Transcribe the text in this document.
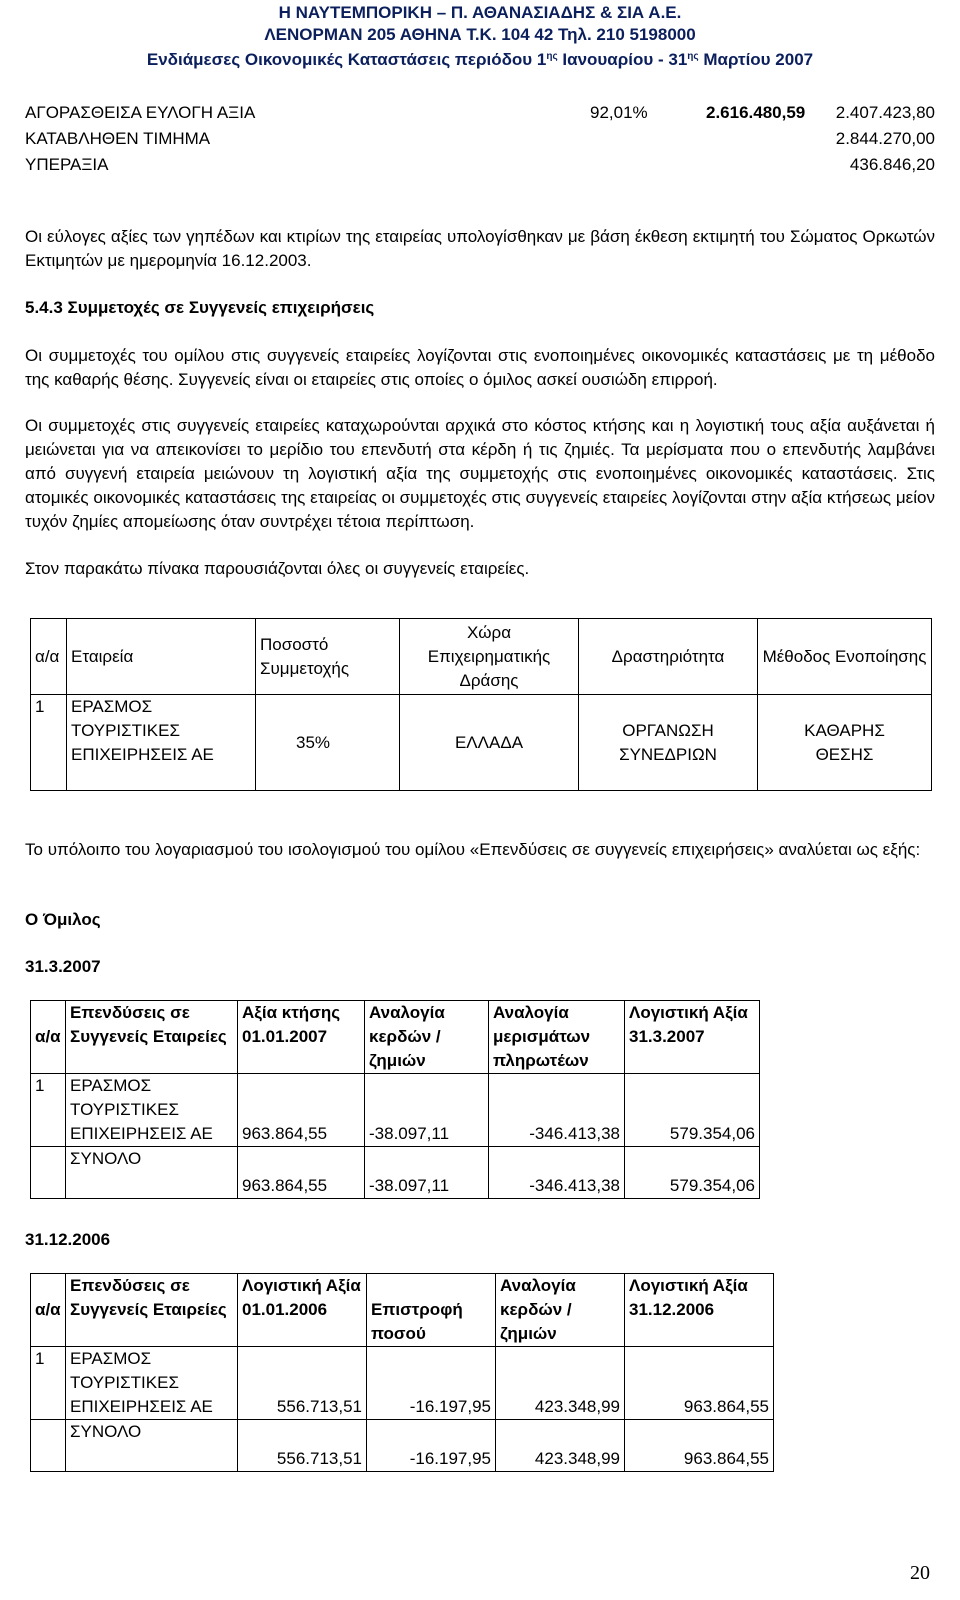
Η ΝΑΥΤΕΜΠΟΡΙΚΗ – Π. ΑΘΑΝΑΣΙΑΔΗΣ & ΣΙΑ Α.Ε.
ΛΕΝΟΡΜΑΝ 205 ΑΘΗΝΑ Τ.Κ. 104 42 Τηλ. 210 5198000
Ενδιάμεσες Οικονομικές Καταστάσεις περιόδου $1^{\eta\varsigma}$ Ιανουαρίου - $31^{\eta\varsigma}$ Μαρτίου 2007
ΑΓΟΡΑΣΘΕΙΣΑ ΕΥΛΟΓΗ ΑΞΙΑ	92,01%	2.616.480,59 2.407.423,80
ΚΑΤΑΒΛΗΘΕΝ ΤΙΜΗΜΑ	2.844.270,00
ΥΠΕΡΑΞΙΑ	436.846,20
Οι εύλογες αξίες των γηπέδων και κτιρίων της εταιρείας υπολογίσθηκαν με βάση έκθεση εκτιμητή του Σώματος Ορκωτών Εκτιμητών με ημερομηνία 16.12.2003.
5.4.3 Συμμετοχές σε Συγγενείς επιχειρήσεις
Οι συμμετοχές του ομίλου στις συγγενείς εταιρείες λογίζονται στις ενοποιημένες οικονομικές καταστάσεις με τη μέθοδο της καθαρής θέσης. Συγγενείς είναι οι εταιρείες στις οποίες ο όμιλος ασκεί ουσιώδη επιρροή.
Οι συμμετοχές στις συγγενείς εταιρείες καταχωρούνται αρχικά στο κόστος κτήσης και η λογιστική τους αξία αυξάνεται ή μειώνεται για να απεικονίσει το μερίδιο του επενδυτή στα κέρδη ή τις ζημιές. Τα μερίσματα που ο επενδυτής λαμβάνει από συγγενή εταιρεία μειώνουν τη λογιστική αξία της συμμετοχής στις ενοποιημένες οικονομικές καταστάσεις. Στις ατομικές οικονομικές καταστάσεις της εταιρείας οι συμμετοχές στις συγγενείς εταιρείες λογίζονται στην αξία κτήσεως μείον τυχόν ζημίες απομείωσης όταν συντρέχει τέτοια περίπτωση.
Στον παρακάτω πίνακα παρουσιάζονται όλες οι συγγενείς εταιρείες.
α/α	Εταιρεία	Ποσοστό Συμμετοχής	Χώρα Επιχειρηματικής Δράσης	Δραστηριότητα	Μέθοδος Ενοποίησης
1	ΕΡΑΣΜΟΣ ΤΟΥΡΙΣΤΙΚΕΣ ΕΠΙΧΕΙΡΗΣΕΙΣ ΑΕ	35%	ΕΛΛΑΔΑ	ΟΡΓΑΝΩΣΗ ΣΥΝΕΔΡΙΩΝ	ΚΑΘΑΡΗΣ ΘΕΣΗΣ
Το υπόλοιπο του λογαριασμού του ισολογισμού του ομίλου «Επενδύσεις σε συγγενείς επιχειρήσεις» αναλύεται ως εξής:
Ο Όμιλος
31.3.2007
α/α	Επενδύσεις σε Συγγενείς Εταιρείες	Αξία κτήσης 01.01.2007	Αναλογία κερδών / ζημιών	Αναλογία μερισμάτων πληρωτέων	Λογιστική Αξία 31.3.2007
1	ΕΡΑΣΜΟΣ ΤΟΥΡΙΣΤΙΚΕΣ ΕΠΙΧΕΙΡΗΣΕΙΣ ΑΕ	963.864,55	-38.097,11	-346.413,38	579.354,06
	ΣΥΝΟΛΟ	963.864,55	-38.097,11	-346.413,38	579.354,06
31.12.2006
α/α	Επενδύσεις σε Συγγενείς Εταιρείες	Λογιστική Αξία 01.01.2006	Επιστροφή ποσού	Αναλογία κερδών / ζημιών	Λογιστική Αξία 31.12.2006
1	ΕΡΑΣΜΟΣ ΤΟΥΡΙΣΤΙΚΕΣ ΕΠΙΧΕΙΡΗΣΕΙΣ ΑΕ	556.713,51	-16.197,95	423.348,99	963.864,55
	ΣΥΝΟΛΟ	556.713,51	-16.197,95	423.348,99	963.864,55
20
